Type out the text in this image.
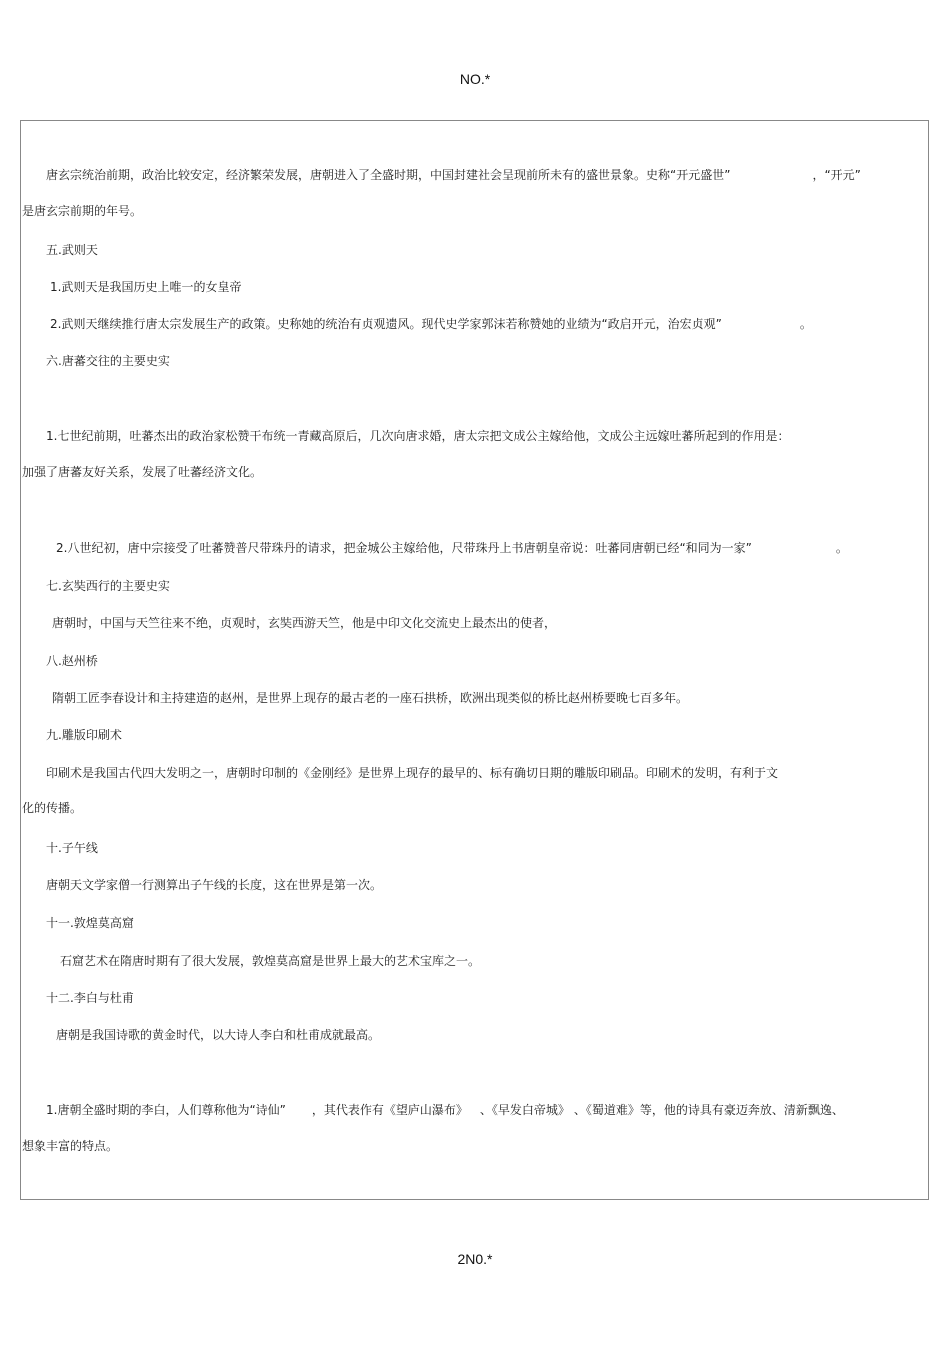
NO.*
唐玄宗统治前期，政治比较安定，经济繁荣发展，唐朝进入了全盛时期，中国封建社会呈现前所未有的盛世景象。史称“开元盛世”	，“开元”
是唐玄宗前期的年号。
五.武则天
1.武则天是我国历史上唯一的女皇帝
2.武则天继续推行唐太宗发展生产的政策。史称她的统治有贞观遗风。现代史学家郭沫若称赞她的业绩为“政启开元，治宏贞观”	。
六.唐蕃交往的主要史实
1.七世纪前期，吐蕃杰出的政治家松赞干布统一青藏高原后，几次向唐求婚，唐太宗把文成公主嫁给他，文成公主远嫁吐蕃所起到的作用是：
加强了唐蕃友好关系，发展了吐蕃经济文化。
2.八世纪初，唐中宗接受了吐蕃赞普尺带珠丹的请求，把金城公主嫁给他，尺带珠丹上书唐朝皇帝说：吐蕃同唐朝已经“和同为一家”	。
七.玄奘西行的主要史实
唐朝时，中国与天竺往来不绝，贞观时，玄奘西游天竺，他是中印文化交流史上最杰出的使者，
八.赵州桥
隋朝工匠李春设计和主持建造的赵州，是世界上现存的最古老的一座石拱桥，欧洲出现类似的桥比赵州桥要晚七百多年。
九.雕版印刷术
印刷术是我国古代四大发明之一，唐朝时印制的《金刚经》是世界上现存的最早的、标有确切日期的雕版印刷品。印刷术的发明，有利于文
化的传播。
十.子午线
唐朝天文学家僧一行测算出子午线的长度，这在世界是第一次。
十一.敦煌莫高窟
石窟艺术在隋唐时期有了很大发展，敦煌莫高窟是世界上最大的艺术宝库之一。
十二.李白与杜甫
唐朝是我国诗歌的黄金时代，以大诗人李白和杜甫成就最高。
1.唐朝全盛时期的李白，人们尊称他为“诗仙” ，其代表作有《望庐山瀑布》 、《早发白帝城》 、《蜀道难》等，他的诗具有豪迈奔放、清新飘逸、
想象丰富的特点。
2N0.*
